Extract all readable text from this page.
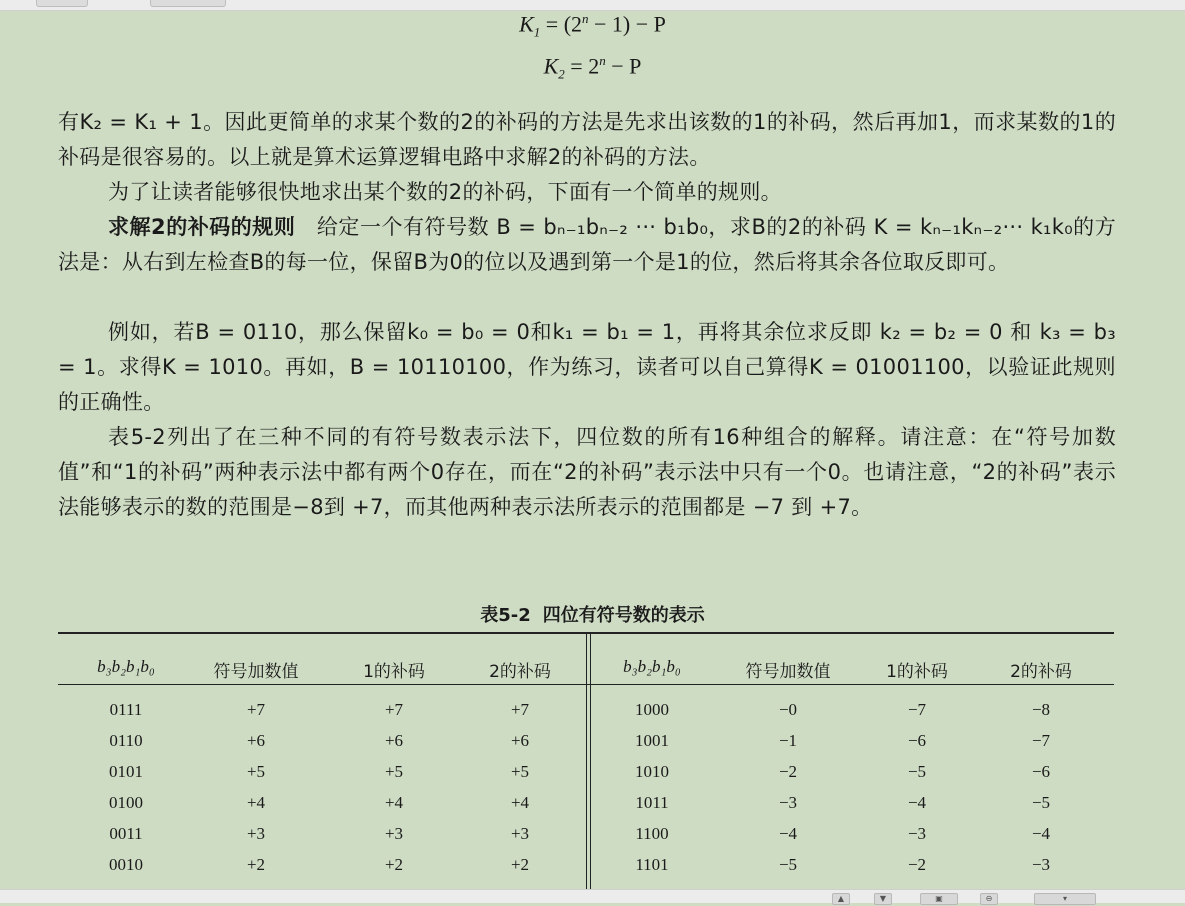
$K_1 = (2^n - 1) - P$
$K_2 = 2^n - P$
有K₂ = K₁ + 1。因此更简单的求某个数的2的补码的方法是先求出该数的1的补码，然后再加1，而求某数的1的补码是很容易的。以上就是算术运算逻辑电路中求解2的补码的方法。
为了让读者能够很快地求出某个数的2的补码，下面有一个简单的规则。
求解2的补码的规则　 给定一个有符号数 B = bₙ₋₁bₙ₋₂ ··· b₁b₀，求B的2的补码 K = kₙ₋₁kₙ₋₂··· k₁k₀的方法是：从右到左检查B的每一位，保留B为0的位以及遇到第一个是1的位，然后将其余各位取反即可。
例如，若B = 0110，那么保留k₀ = b₀ = 0和k₁ = b₁ = 1，再将其余位求反即 k₂ = b₂ = 0 和 k₃ = b₃ = 1。求得K = 1010。再如，B = 10110100，作为练习，读者可以自己算得K = 01001100，以验证此规则的正确性。
表5-2列出了在三种不同的有符号数表示法下，四位数的所有16种组合的解释。请注意：在“符号加数值”和“1的补码”两种表示法中都有两个0存在，而在“2的补码”表示法中只有一个0。也请注意，“2的补码”表示法能够表示的数的范围是−8到 +7，而其他两种表示法所表示的范围都是 −7 到 +7。
表5-2 四位有符号数的表示
b₃b₂b₁b₀	符号加数值	1的补码	2的补码	b₃b₂b₁b₀	符号加数值	1的补码	2的补码
0111	+7	+7	+7	1000	−0	−7	−8
0110	+6	+6	+6	1001	−1	−6	−7
0101	+5	+5	+5	1010	−2	−5	−6
0100	+4	+4	+4	1011	−3	−4	−5
0011	+3	+3	+3	1100	−4	−3	−4
0010	+2	+2	+2	1101	−5	−2	−3
▲	▼	▣	⊖	▾
